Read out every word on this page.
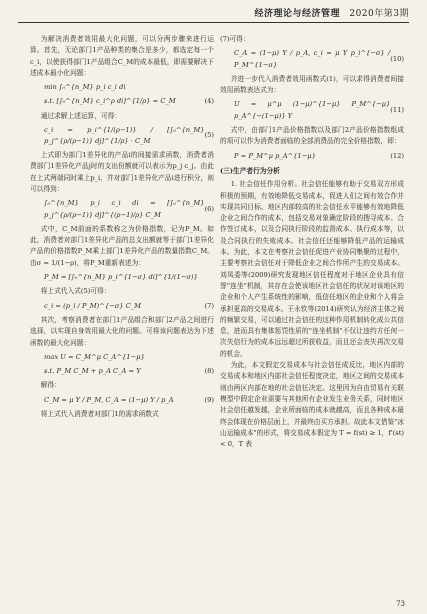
经济理论与经济管理 2020年第3期

为解决消费者效用最大化问题，可以分两步骤来进行运算。首先，无论部门1产品种类的集合是多少，都选定每一个c_i，以使获得部门1产品组合C_M的成本最低，即需要解决下述成本最小化问题：

min ∫₀^{n_M} p_i c_i di
s.t. [∫₀^{n_M} c_i^ρ di]^{1/ρ} = C_M	(4)

通过求解上述运算，可得：

c_i = p_i^{1/(ρ−1)} / [∫₀^{n_M} p_j^{ρ/(ρ−1)} dj]^{1/ρ} · C_M
(5)

上式即为部门1差异化的产品i的间接需求函数，消费者消费部门1差异化产品j时的支出份额就可以表示为p_j c_j。由此在上式两端同时乘上p_i，并对部门1差异化产品i进行积分，则可以得到：

∫₀^{n_M} p_i c_i di = [∫₀^{n_M} p_j^{ρ/(ρ−1)} dj]^{(ρ−1)/ρ} C_M
(6)

式中，C_M前面的系数称之为价格指数，记为P_M。如此，消费者对部门1差异化产品的总支出额就等于部门1差异化产品的价格指数P_M乘上部门1差异化产品的数量指数C_M。由σ = 1/(1−ρ)，将P_M重新表述为：

P_M = [∫₀^{n_M} p_i^{1−σ} di]^{1/(1−σ)}

将上式代入式(5)可得：

c_i = (p_i / P_M)^{−σ} C_M	(7)

其次，考察消费者在部门1产品组合和部门2产品之间进行选择，以实现自身效用最大化的问题。可将该问题表达为下述函数的最大化问题：

max U = C_M^μ C_A^{1−μ}
s.t. P_M C_M + p_A C_A = Y	(8)

解得：

C_M = μ Y / P_M, C_A = (1−μ) Y / p_A	(9)

将上式代入消费者对部门1的需求函数式

(7)可得：

C_A = (1−μ) Y / p_A, c_i = μ Y p_i^{−σ} / P_M^{1−σ}
(10)

并进一步代入消费者效用函数式(1)，可以求得消费者间接效用函数表达式为：

U = μ^μ (1−μ)^{1−μ} P_M^{−μ} p_A^{−(1−μ)} Y
(11)

式中，由部门1产品价格指数以及部门2产品价格指数组成的项可以作为消费者面临的全部消费品的完全价格指数，即：

P = P_M^μ p_A^{1−μ}	(12)

(三)生产者行为分析

1. 社会信任作用分析。社会信任能够有助于交易双方形成积极的预期，有效地降低交易成本，促进人们之间有效合作并实现共同目标。地区内部较高的社会信任水平能够有效地降低企业之间合作的成本，包括交易对象确定阶段的搜寻成本、合作签订成本，以及合同执行阶段的监督成本、执行成本等，以及合同执行的失败成本。社会信任还能够降低产品的运输成本。为此，本文在考察社会信任促进产业协同集聚的过程中，主要考察社会信任对于降低企业之间合作所产生的交易成本。刘凤委等(2009)研究发现地区信任程度对于地区企业具有信誉"连坐"机制，其存在会使该地区社会信任的状况对该地区的企业和个人产生系统性的影响，低信任地区的企业和个人将会承担更高的交易成本。王永钦等(2014)研究认为经济主体之间的频繁交易，可以通过社会信任的这种作用机制转化成公共信息，进而具有集体惩罚性质的"连坐机制"不仅让违约方任何一次失信行为的成本远远超过所获收益，而且还会丧失再次交易的机会。

为此，本文假定交易成本与社会信任成反比，地区内部的交易成本和地区内部社会信任程度决定，地区之间的交易成本则由两区内部在地的社会信任决定。这里因为自由贸易有关联模型中假定企业需要与其他所有企业发生业务关系，同时地区社会信任越发越，企业所面临的成本就越高，而且各种成本最终会体现在价格层面上，并最终由买方承担。故此本文借鉴"冰山运输成本"的形式，将交易成本假定为 T = f(st) ≥ 1，f'(st) < 0，T 表

73
